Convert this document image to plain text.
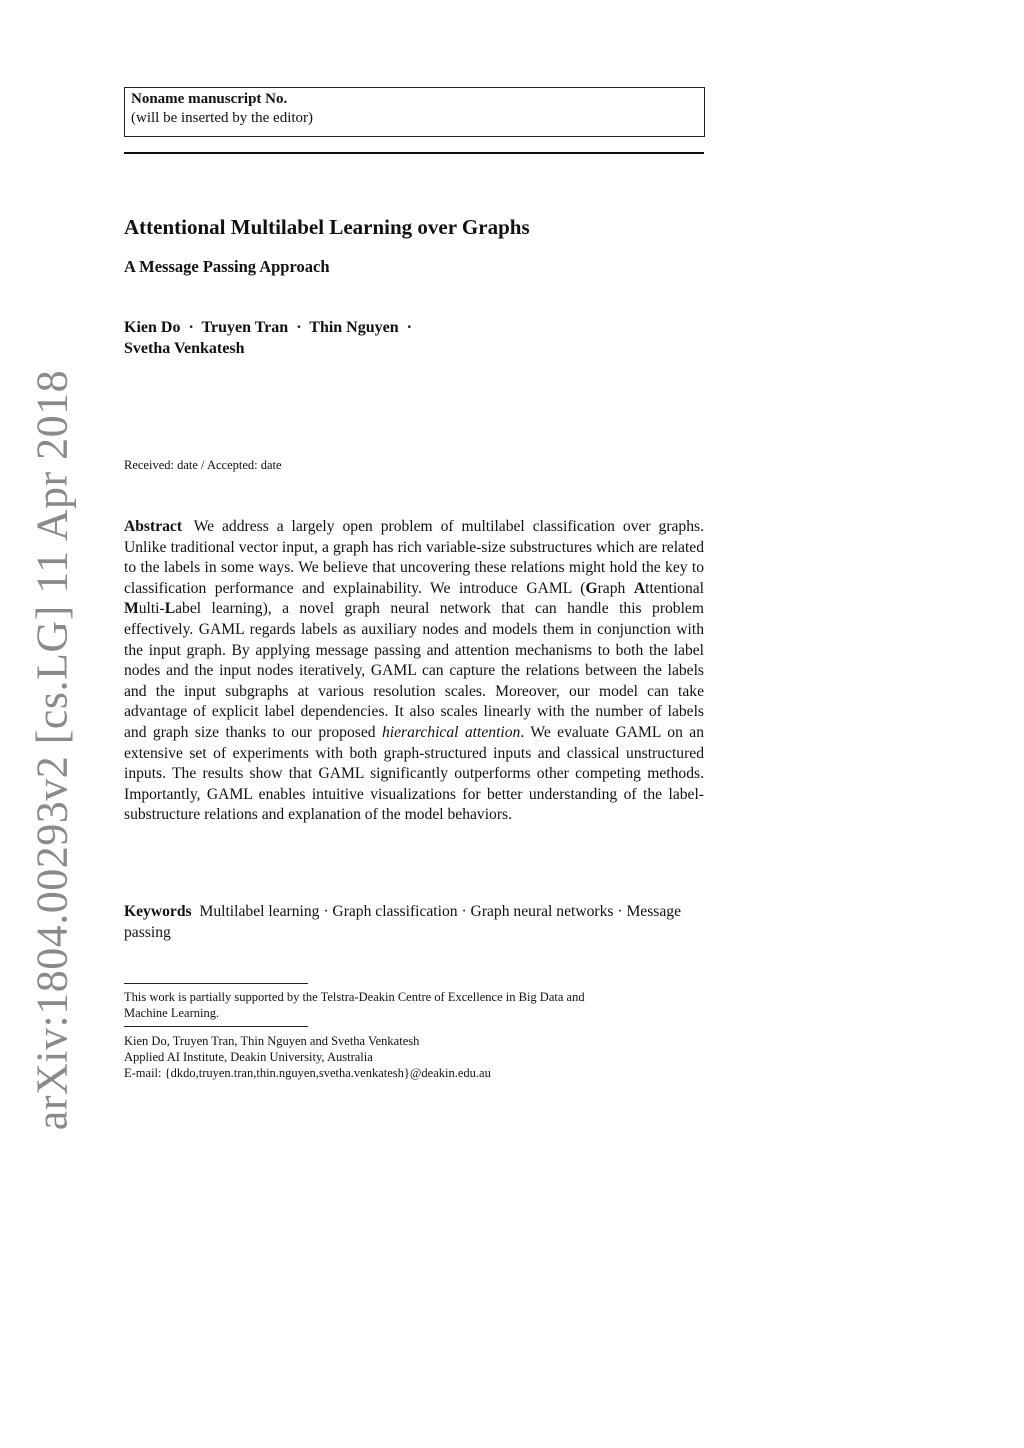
arXiv:1804.00293v2 [cs.LG] 11 Apr 2018
Noname manuscript No.
(will be inserted by the editor)
Attentional Multilabel Learning over Graphs
A Message Passing Approach
Kien Do · Truyen Tran · Thin Nguyen ·
Svetha Venkatesh
Received: date / Accepted: date
Abstract We address a largely open problem of multilabel classification over graphs. Unlike traditional vector input, a graph has rich variable-size substructures which are related to the labels in some ways. We believe that uncovering these relations might hold the key to classification performance and explainability. We introduce GAML (Graph Attentional Multi-Label learning), a novel graph neural network that can handle this problem effectively. GAML regards labels as auxiliary nodes and models them in conjunction with the input graph. By applying message passing and attention mechanisms to both the label nodes and the input nodes iteratively, GAML can capture the relations between the labels and the input subgraphs at various resolution scales. Moreover, our model can take advantage of explicit label dependencies. It also scales linearly with the number of labels and graph size thanks to our proposed hierarchical attention. We evaluate GAML on an extensive set of experiments with both graph-structured inputs and classical unstructured inputs. The results show that GAML significantly outperforms other competing methods. Importantly, GAML enables intuitive visualizations for better understanding of the label-substructure relations and explanation of the model behaviors.
Keywords Multilabel learning · Graph classification · Graph neural networks · Message passing
This work is partially supported by the Telstra-Deakin Centre of Excellence in Big Data and
Machine Learning.
Kien Do, Truyen Tran, Thin Nguyen and Svetha Venkatesh
Applied AI Institute, Deakin University, Australia
E-mail: {dkdo,truyen.tran,thin.nguyen,svetha.venkatesh}@deakin.edu.au
